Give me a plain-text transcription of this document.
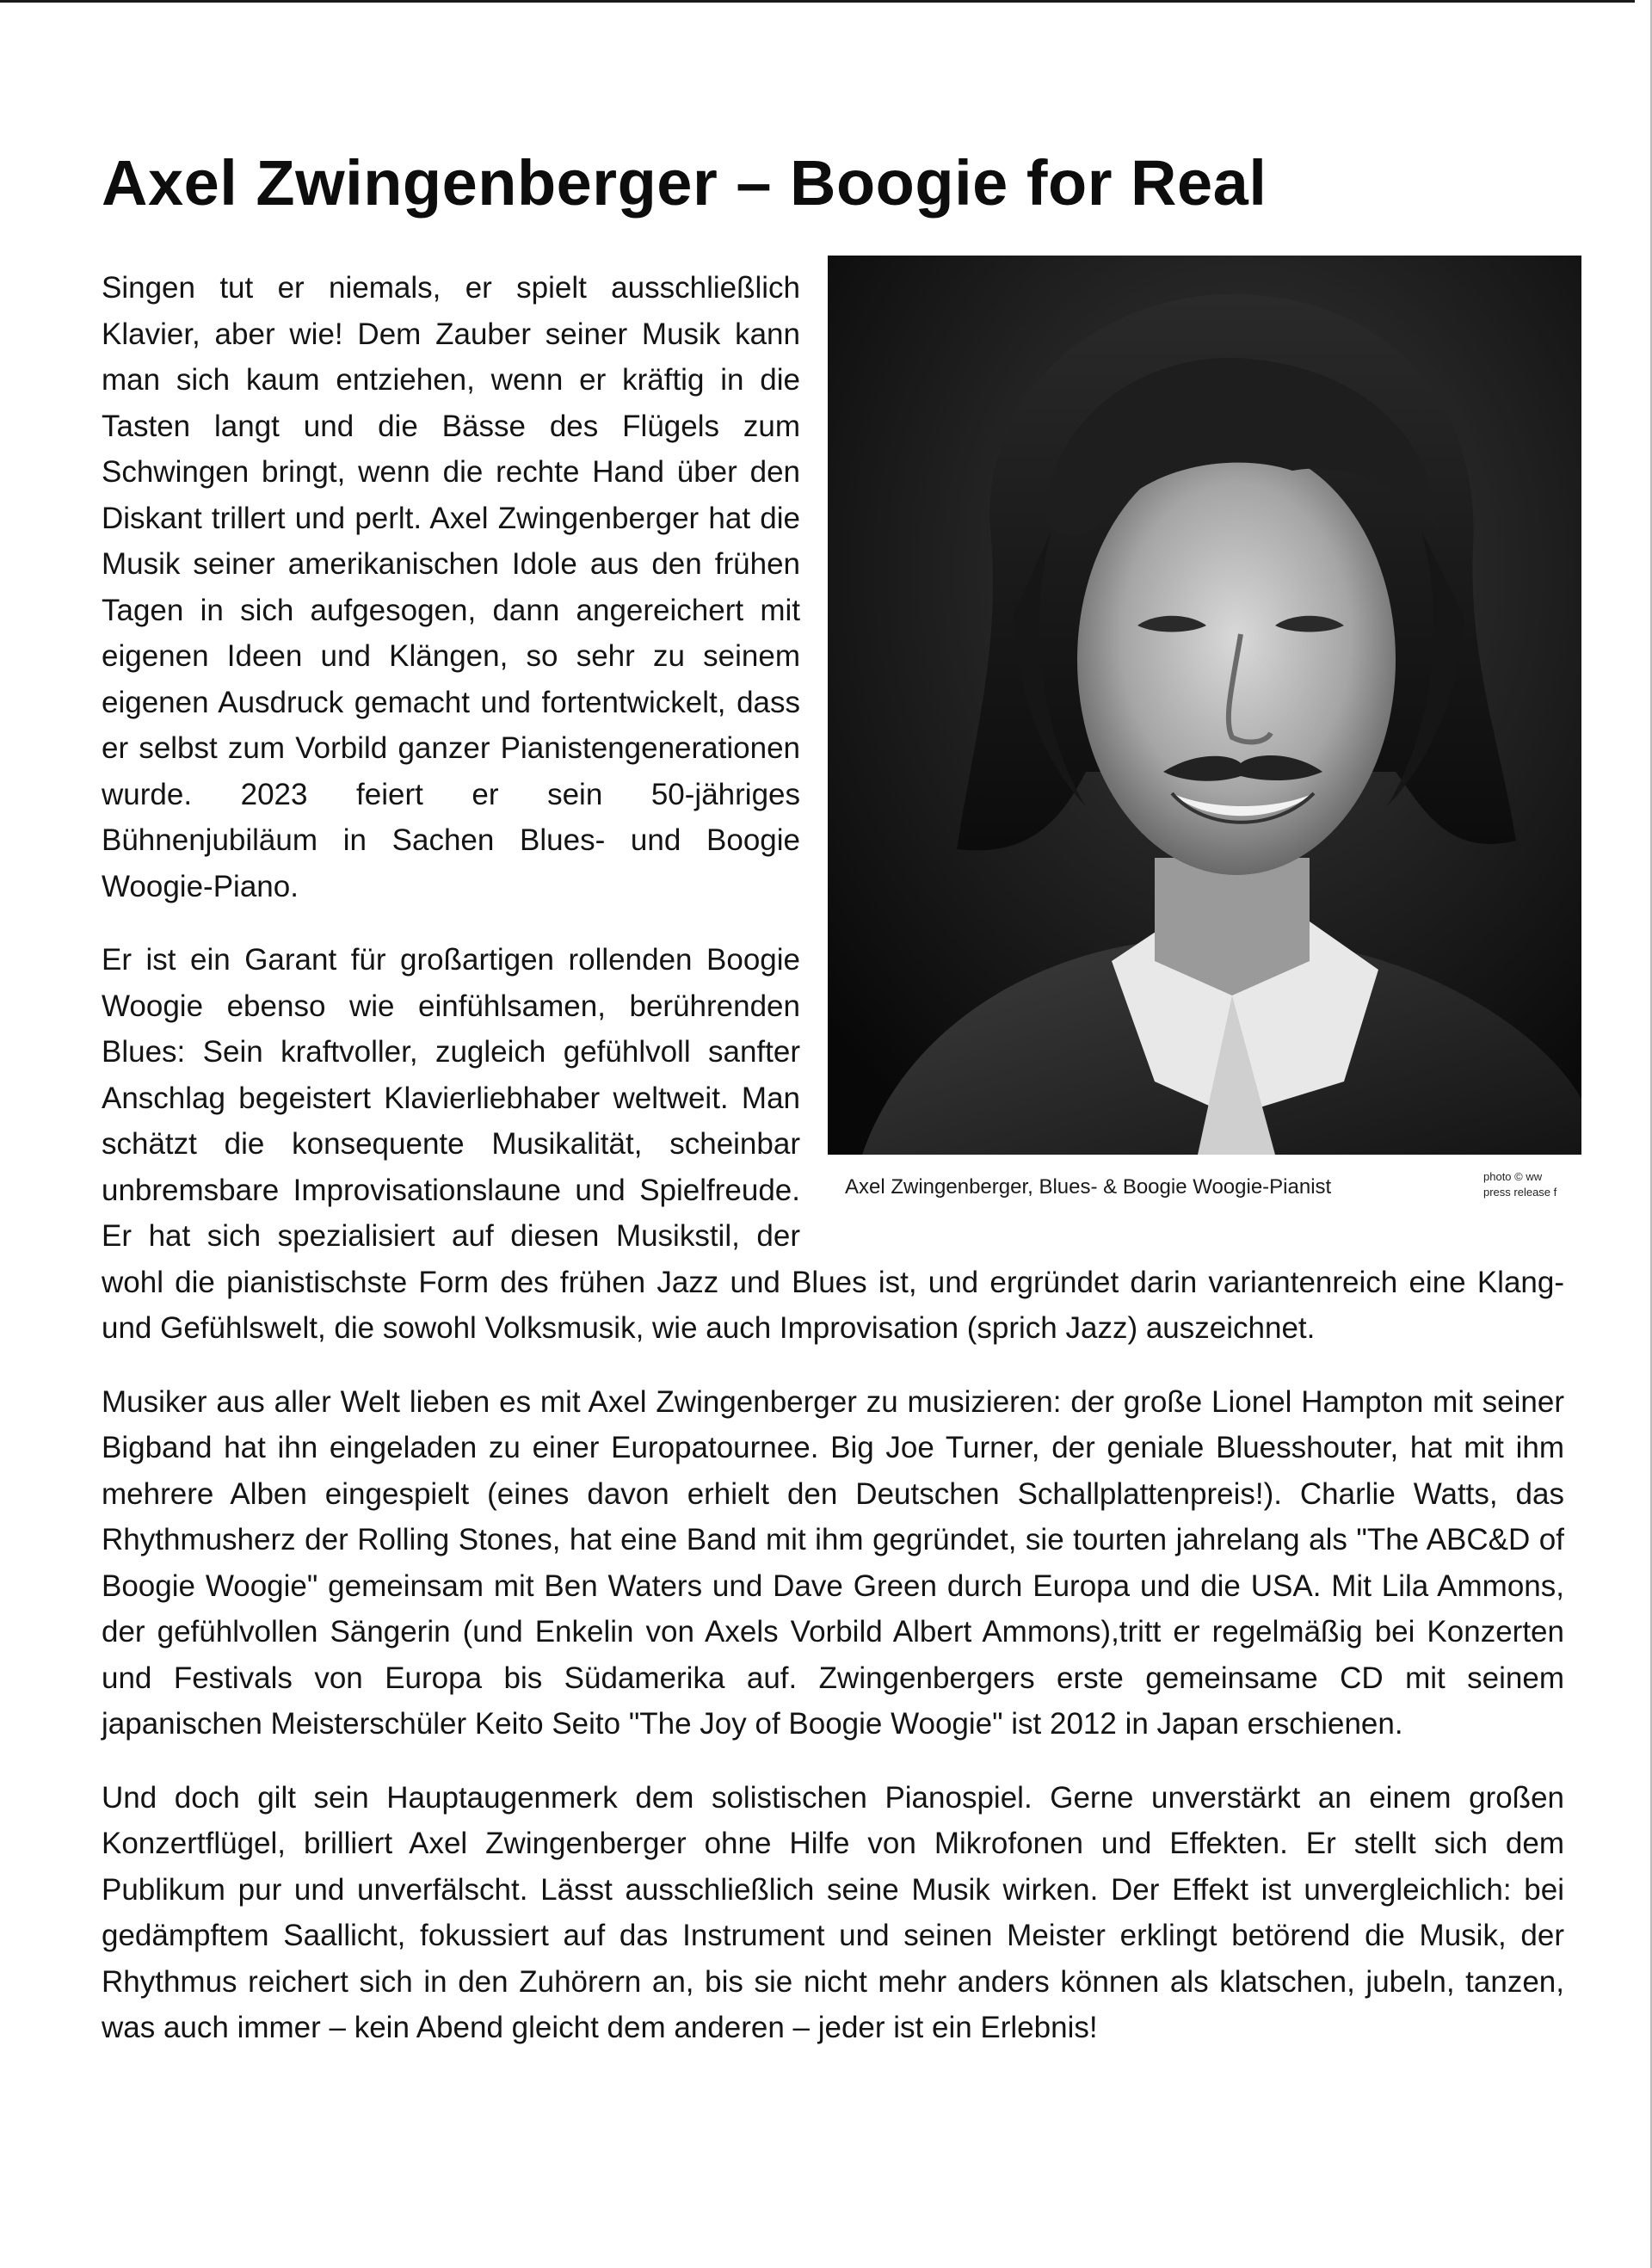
Axel Zwingenberger – Boogie for Real
Axel Zwingenberger, Blues- & Boogie Woogie-Pianist	photo © ww
press release f

Singen tut er niemals, er spielt ausschließlich Klavier, aber wie! Dem Zauber seiner Musik kann man sich kaum entziehen, wenn er kräftig in die Tasten langt und die Bässe des Flügels zum Schwingen bringt, wenn die rechte Hand über den Diskant trillert und perlt. Axel Zwingenberger hat die Musik seiner amerikanischen Idole aus den frühen Tagen in sich aufgesogen, dann angereichert mit eigenen Ideen und Klängen, so sehr zu seinem eigenen Ausdruck gemacht und fortentwickelt, dass er selbst zum Vorbild ganzer Pianistengenerationen wurde. 2023 feiert er sein 50-jähriges Bühnenjubiläum in Sachen Blues- und Boogie Woogie-Piano.

Er ist ein Garant für großartigen rollenden Boogie Woogie ebenso wie einfühlsamen, berührenden Blues: Sein kraftvoller, zugleich gefühlvoll sanfter Anschlag begeistert Klavierliebhaber weltweit. Man schätzt die konsequente Musikalität, scheinbar unbremsbare Improvisationslaune und Spielfreude. Er hat sich spezialisiert auf diesen Musikstil, der wohl die pianistischste Form des frühen Jazz und Blues ist, und ergründet darin variantenreich eine Klang- und Gefühlswelt, die sowohl Volksmusik, wie auch Improvisation (sprich Jazz) auszeichnet.

Musiker aus aller Welt lieben es mit Axel Zwingenberger zu musizieren: der große Lionel Hampton mit seiner Bigband hat ihn eingeladen zu einer Europatournee. Big Joe Turner, der geniale Bluesshouter, hat mit ihm mehrere Alben eingespielt (eines davon erhielt den Deutschen Schallplattenpreis!). Charlie Watts, das Rhythmusherz der Rolling Stones, hat eine Band mit ihm gegründet, sie tourten jahrelang als "The ABC&D of Boogie Woogie" gemeinsam mit Ben Waters und Dave Green durch Europa und die USA. Mit Lila Ammons, der gefühlvollen Sängerin (und Enkelin von Axels Vorbild Albert Ammons),tritt er regelmäßig bei Konzerten und Festivals von Europa bis Südamerika auf. Zwingenbergers erste gemeinsame CD mit seinem japanischen Meisterschüler Keito Seito "The Joy of Boogie Woogie" ist 2012 in Japan erschienen.

Und doch gilt sein Hauptaugenmerk dem solistischen Pianospiel. Gerne unverstärkt an einem großen Konzertflügel, brilliert Axel Zwingenberger ohne Hilfe von Mikrofonen und Effekten. Er stellt sich dem Publikum pur und unverfälscht. Lässt ausschließlich seine Musik wirken. Der Effekt ist unvergleichlich: bei gedämpftem Saallicht, fokussiert auf das Instrument und seinen Meister erklingt betörend die Musik, der Rhythmus reichert sich in den Zuhörern an, bis sie nicht mehr anders können als klatschen, jubeln, tanzen, was auch immer – kein Abend gleicht dem anderen – jeder ist ein Erlebnis!
